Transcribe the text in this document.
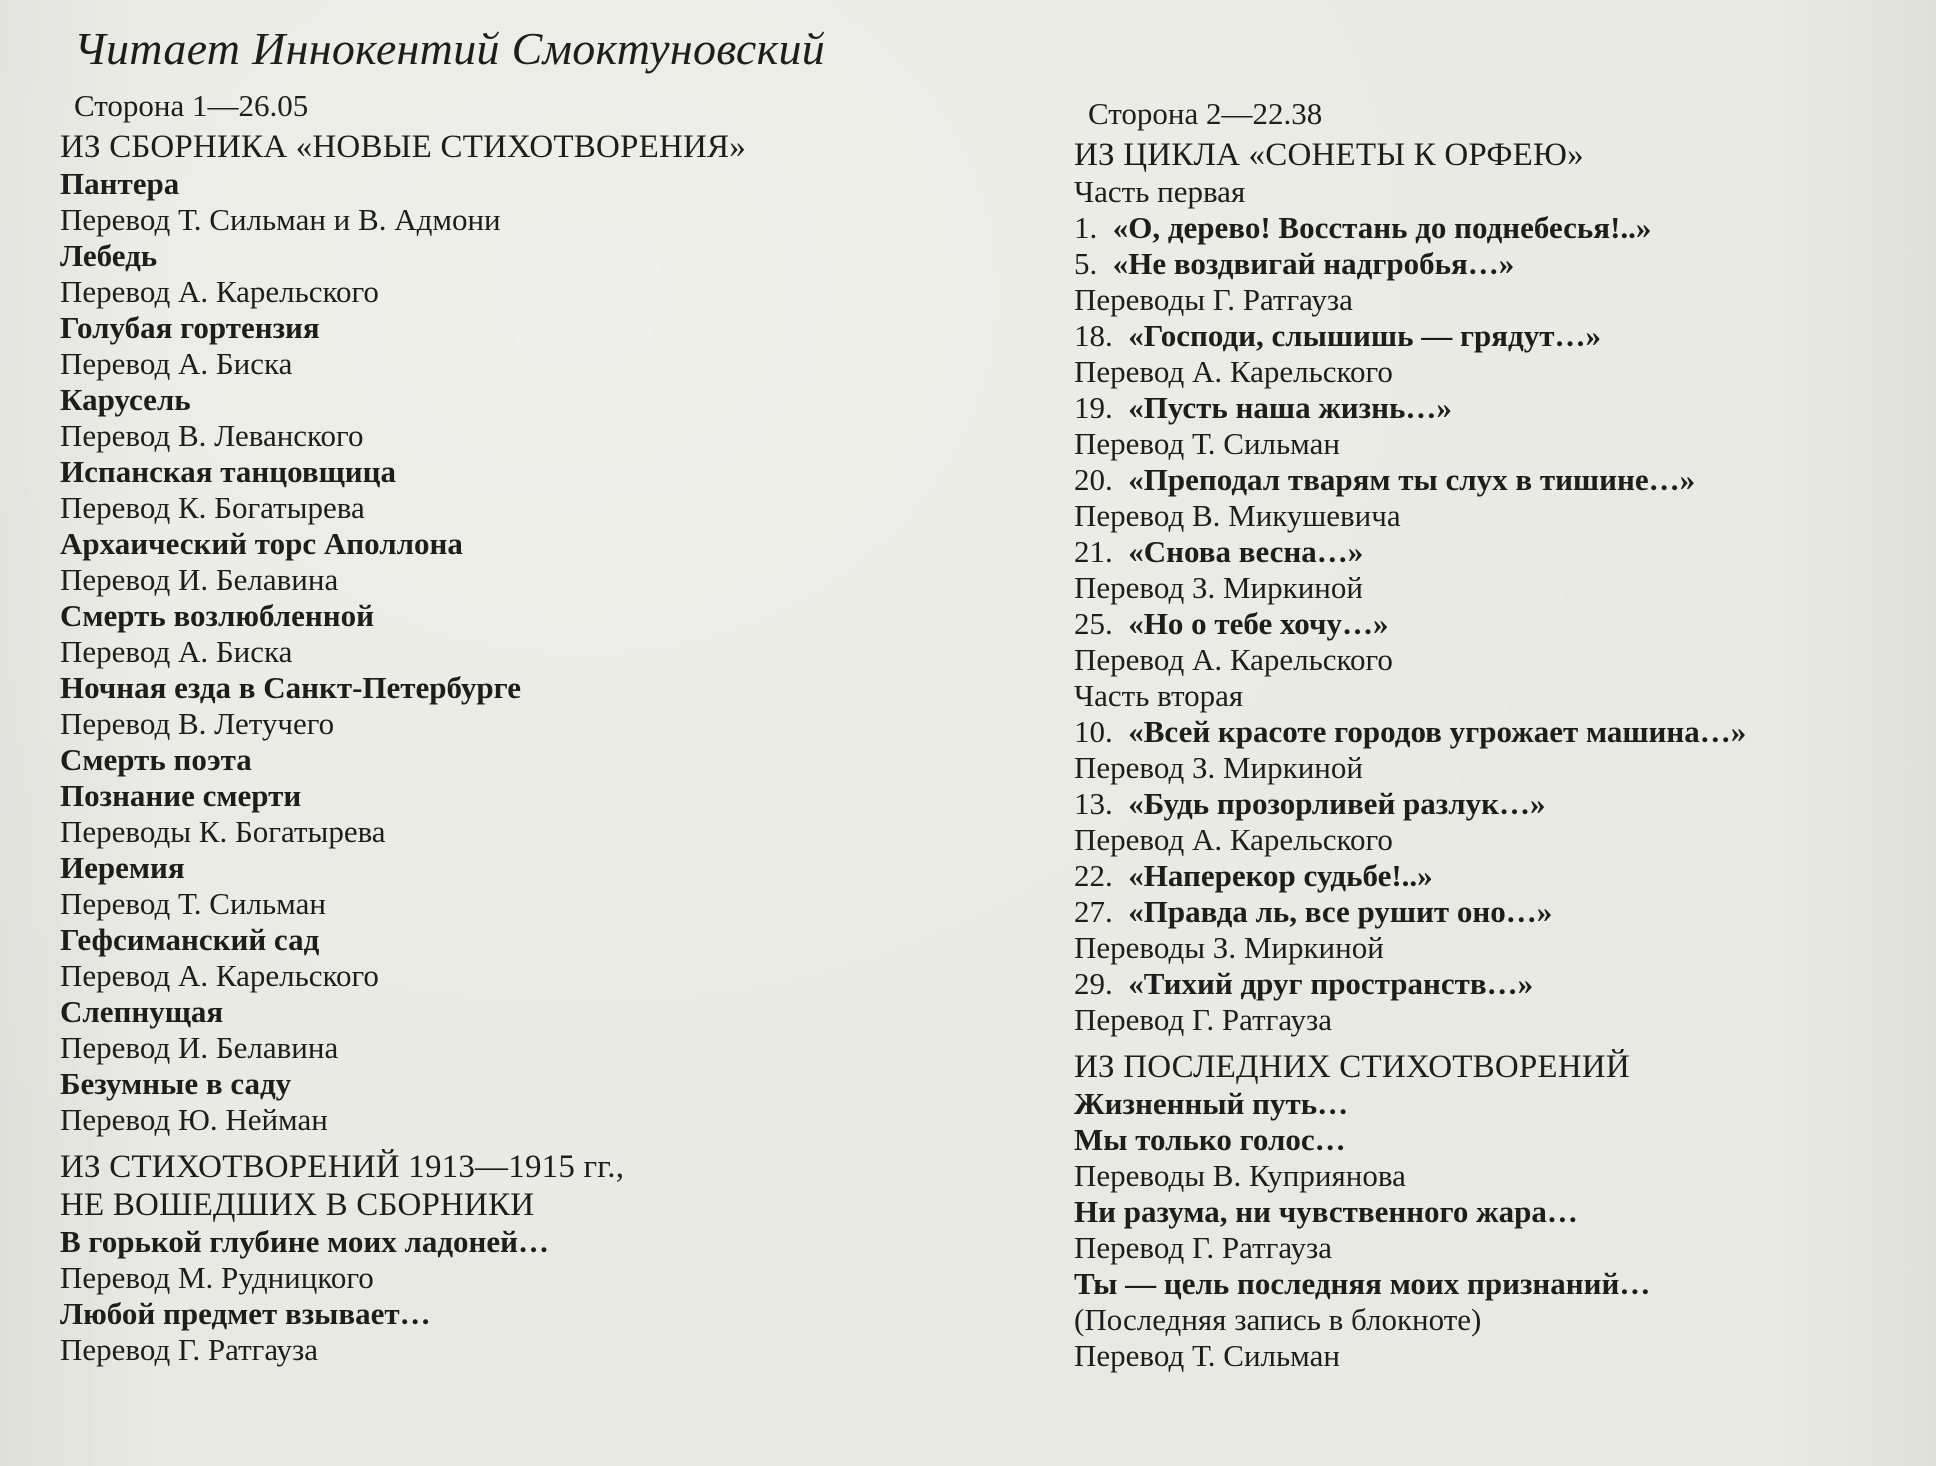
Читает Иннокентий Смоктуновский
Сторона 1—26.05
ИЗ СБОРНИКА «НОВЫЕ СТИХОТВОРЕНИЯ»
Пантера
Перевод Т. Сильман и В. Адмони
Лебедь
Перевод А. Карельского
Голубая гортензия
Перевод А. Биска
Карусель
Перевод В. Леванского
Испанская танцовщица
Перевод К. Богатырева
Архаический торс Аполлона
Перевод И. Белавина
Смерть возлюбленной
Перевод А. Биска
Ночная езда в Санкт-Петербурге
Перевод В. Летучего
Смерть поэта
Познание смерти
Переводы К. Богатырева
Иеремия
Перевод Т. Сильман
Гефсиманский сад
Перевод А. Карельского
Слепнущая
Перевод И. Белавина
Безумные в саду
Перевод Ю. Нейман
ИЗ СТИХОТВОРЕНИЙ 1913—1915 гг.,
НЕ ВОШЕДШИХ В СБОРНИКИ
В горькой глубине моих ладоней…
Перевод М. Рудницкого
Любой предмет взывает…
Перевод Г. Ратгауза
Сторона 2—22.38
ИЗ ЦИКЛА «СОНЕТЫ К ОРФЕЮ»
Часть первая
1. «О, дерево! Восстань до поднебесья!..»
5. «Не воздвигай надгробья…»
Переводы Г. Ратгауза
18. «Господи, слышишь — грядут…»
Перевод А. Карельского
19. «Пусть наша жизнь…»
Перевод Т. Сильман
20. «Преподал тварям ты слух в тишине…»
Перевод В. Микушевича
21. «Снова весна…»
Перевод З. Миркиной
25. «Но о тебе хочу…»
Перевод А. Карельского
Часть вторая
10. «Всей красоте городов угрожает машина…»
Перевод З. Миркиной
13. «Будь прозорливей разлук…»
Перевод А. Карельского
22. «Наперекор судьбе!..»
27. «Правда ль, все рушит оно…»
Переводы З. Миркиной
29. «Тихий друг пространств…»
Перевод Г. Ратгауза
ИЗ ПОСЛЕДНИХ СТИХОТВОРЕНИЙ
Жизненный путь…
Мы только голос…
Переводы В. Куприянова
Ни разума, ни чувственного жара…
Перевод Г. Ратгауза
Ты — цель последняя моих признаний…
(Последняя запись в блокноте)
Перевод Т. Сильман
